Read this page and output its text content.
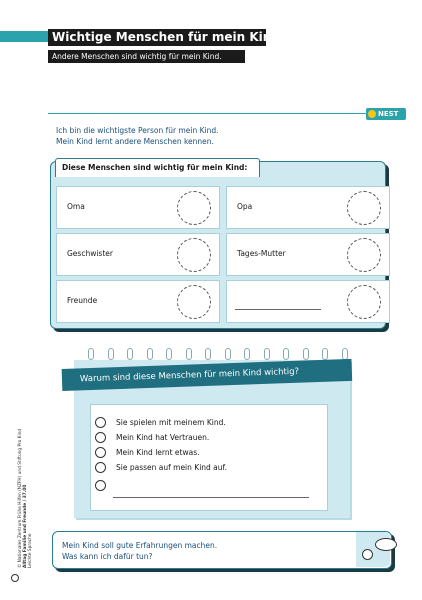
Wichtige Menschen für mein Kind
Andere Menschen sind wichtig für mein Kind.
NEST
Ich bin die wichtigste Person für mein Kind.
Mein Kind lernt andere Menschen kennen.
Oma	Opa
Geschwister	Tages-Mutter
Freunde
Diese Menschen sind wichtig für mein Kind:
Warum sind diese Menschen für mein Kind wichtig?
Sie spielen mit meinem Kind.
Mein Kind hat Vertrauen.
Mein Kind lernt etwas.
Sie passen auf mein Kind auf.
Mein Kind soll gute Erfahrungen machen.
Was kann ich dafür tun?
© Nationales Zentrum Frühe Hilfen (NZFH) und Stiftung Pro Kind Alltag Familie und Freunde / 37.00 Leichte Sprache
